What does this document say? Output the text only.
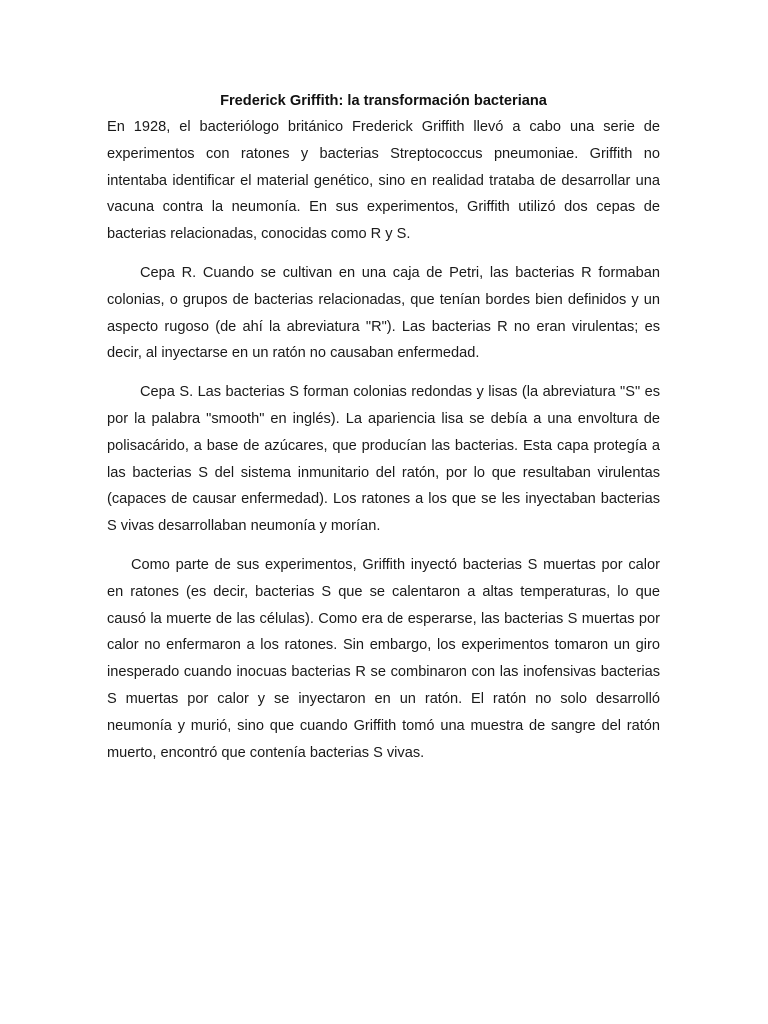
Frederick Griffith: la transformación bacteriana

En 1928, el bacteriólogo británico Frederick Griffith llevó a cabo una serie de experimentos con ratones y bacterias Streptococcus pneumoniae. Griffith no intentaba identificar el material genético, sino en realidad trataba de desarrollar una vacuna contra la neumonía. En sus experimentos, Griffith utilizó dos cepas de bacterias relacionadas, conocidas como R y S.

Cepa R. Cuando se cultivan en una caja de Petri, las bacterias R formaban colonias, o grupos de bacterias relacionadas, que tenían bordes bien definidos y un aspecto rugoso (de ahí la abreviatura "R"). Las bacterias R no eran virulentas; es decir, al inyectarse en un ratón no causaban enfermedad.

Cepa S. Las bacterias S forman colonias redondas y lisas (la abreviatura "S" es por la palabra "smooth" en inglés). La apariencia lisa se debía a una envoltura de polisacárido, a base de azúcares, que producían las bacterias. Esta capa protegía a las bacterias S del sistema inmunitario del ratón, por lo que resultaban virulentas (capaces de causar enfermedad). Los ratones a los que se les inyectaban bacterias S vivas desarrollaban neumonía y morían.

Como parte de sus experimentos, Griffith inyectó bacterias S muertas por calor en ratones (es decir, bacterias S que se calentaron a altas temperaturas, lo que causó la muerte de las células). Como era de esperarse, las bacterias S muertas por calor no enfermaron a los ratones. Sin embargo, los experimentos tomaron un giro inesperado cuando inocuas bacterias R se combinaron con las inofensivas bacterias S muertas por calor y se inyectaron en un ratón. El ratón no solo desarrolló neumonía y murió, sino que cuando Griffith tomó una muestra de sangre del ratón muerto, encontró que contenía bacterias S vivas.
